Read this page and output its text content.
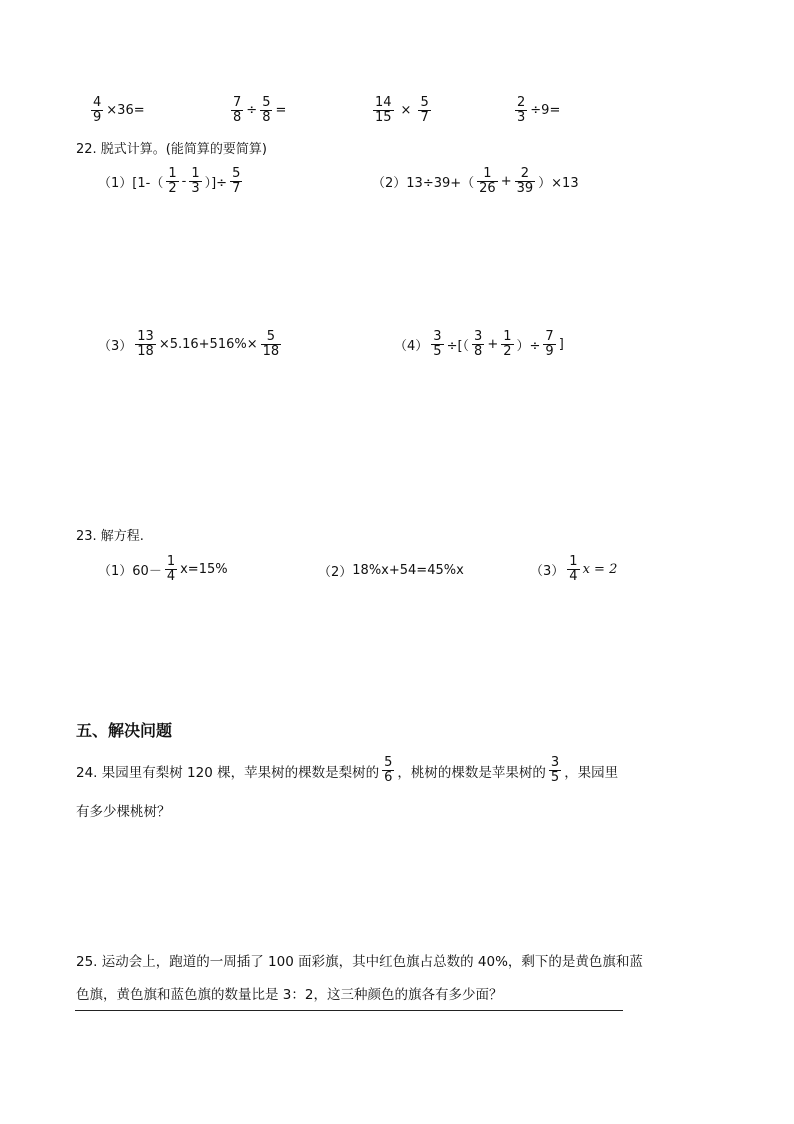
$\frac{4}{9} \times 36=$	$\frac{7}{8} \div \frac{5}{8}$ =	$\frac{14}{15} \times \frac{5}{7}$	$\frac{2}{3} \div 9=$
22. 脱式计算。(能简算的要简算)
（1） [$1-( \frac{1}{2} - \frac{1}{3}$ ）]÷ $\frac{5}{7}$	（2） $13\div 39+( \frac{1}{26} + \frac{2}{39} )\times 13$
$(3) \frac{13}{18} \times 5.16+516\%\times \frac{5}{18}$	$(4) \frac{3}{5}$ ÷[（ $\frac{3}{8} + \frac{1}{2}$ ）÷ $\frac{7}{9}$ ]
23. 解方程.
（1） $60- \frac{1}{4} x=15\%$	（2） 18%x+54=45%x	$(3) \frac{1}{4}$ x = 2
五、解决问题
24. 果园里有梨树 120 棵，苹果树的棵数是梨树的 $\frac{5}{6}$ ，桃树的棵数是苹果树的 $\frac{3}{5}$ ，果园里
有多少棵桃树？
25. 运动会上，跑道的一周插了 100 面彩旗，其中红色旗占总数的 40%，剩下的是黄色旗和蓝
色旗，黄色旗和蓝色旗的数量比是 3：2，这三种颜色的旗各有多少面？
